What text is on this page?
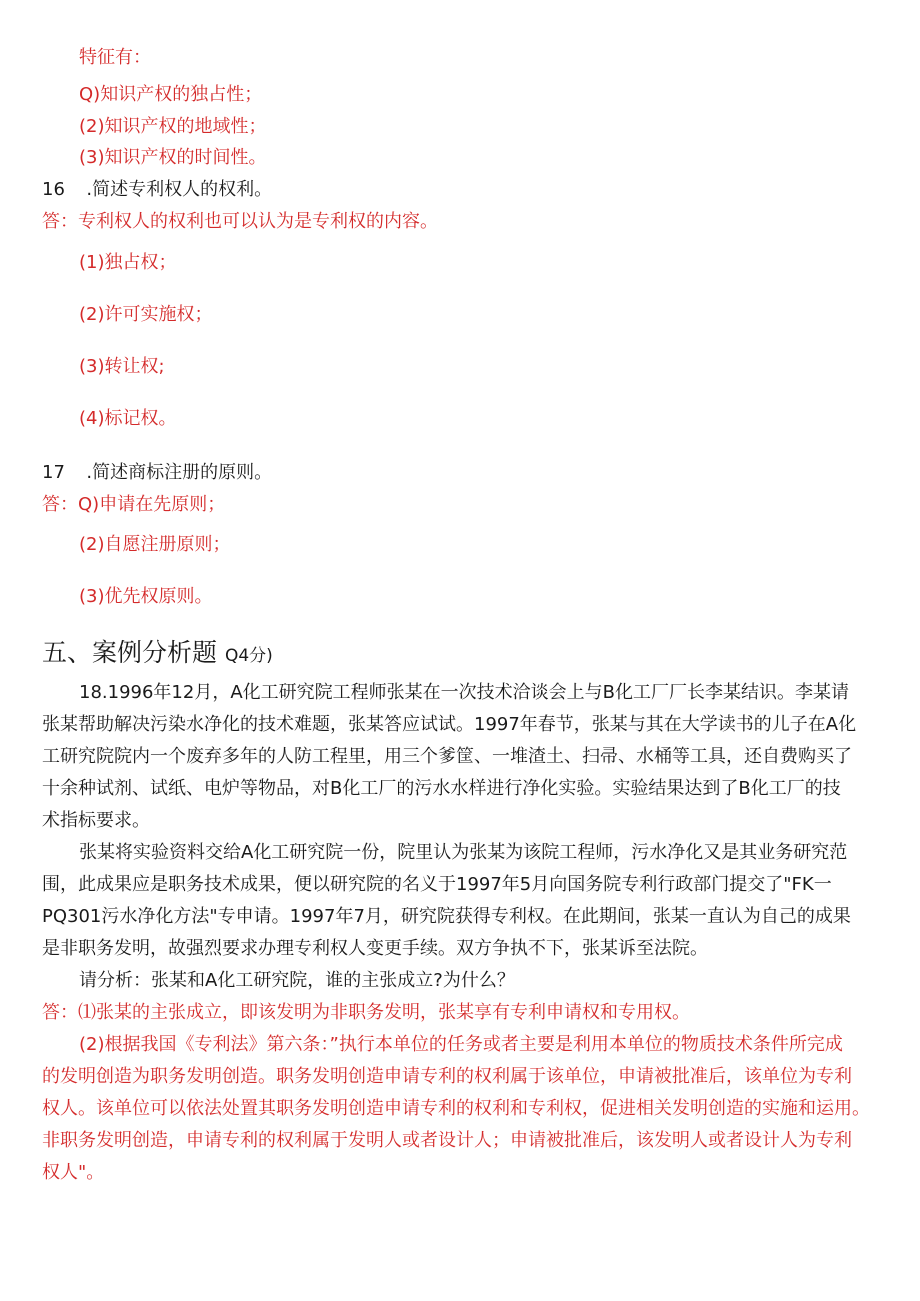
特征有：
Q)知识产权的独占性；
(2)知识产权的地域性；
(3)知识产权的时间性。
16 .简述专利权人的权利。
答：专利权人的权利也可以认为是专利权的内容。
(1)独占权；
(2)许可实施权；
(3)转让权;
(4)标记权。
17 .简述商标注册的原则。
答：Q)申请在先原则；
(2)自愿注册原则；
(3)优先权原则。
五、案例分析题 Q4分)
18.1996年12月，A化工研究院工程师张某在一次技术洽谈会上与B化工厂厂长李某结识。李某请
张某帮助解决污染水净化的技术难题，张某答应试试。1997年春节，张某与其在大学读书的儿子在A化
工研究院院内一个废弃多年的人防工程里，用三个爹筐、一堆渣土、扫帚、水桶等工具，还自费购买了
十余种试剂、试纸、电炉等物品，对B化工厂的污水水样进行净化实验。实验结果达到了B化工厂的技
术指标要求。
张某将实验资料交给A化工研究院一份，院里认为张某为该院工程师，污水净化又是其业务研究范
围，此成果应是职务技术成果，便以研究院的名义于1997年5月向国务院专利行政部门提交了"FK一
PQ301污水净化方法"专申请。1997年7月，研究院获得专利权。在此期间，张某一直认为自己的成果
是非职务发明，故强烈要求办理专利权人变更手续。双方争执不下，张某诉至法院。
请分析：张某和A化工研究院，谁的主张成立?为什么？
答：⑴张某的主张成立，即该发明为非职务发明，张某享有专利申请权和专用权。
(2)根据我国《专利法》第六条：”执行本单位的任务或者主要是利用本单位的物质技术条件所完成
的发明创造为职务发明创造。职务发明创造申请专利的权利属于该单位，申请被批准后，该单位为专利
权人。该单位可以依法处置其职务发明创造申请专利的权利和专利权，促进相关发明创造的实施和运用。
非职务发明创造，申请专利的权利属于发明人或者设计人；申请被批准后，该发明人或者设计人为专利
权人"。
